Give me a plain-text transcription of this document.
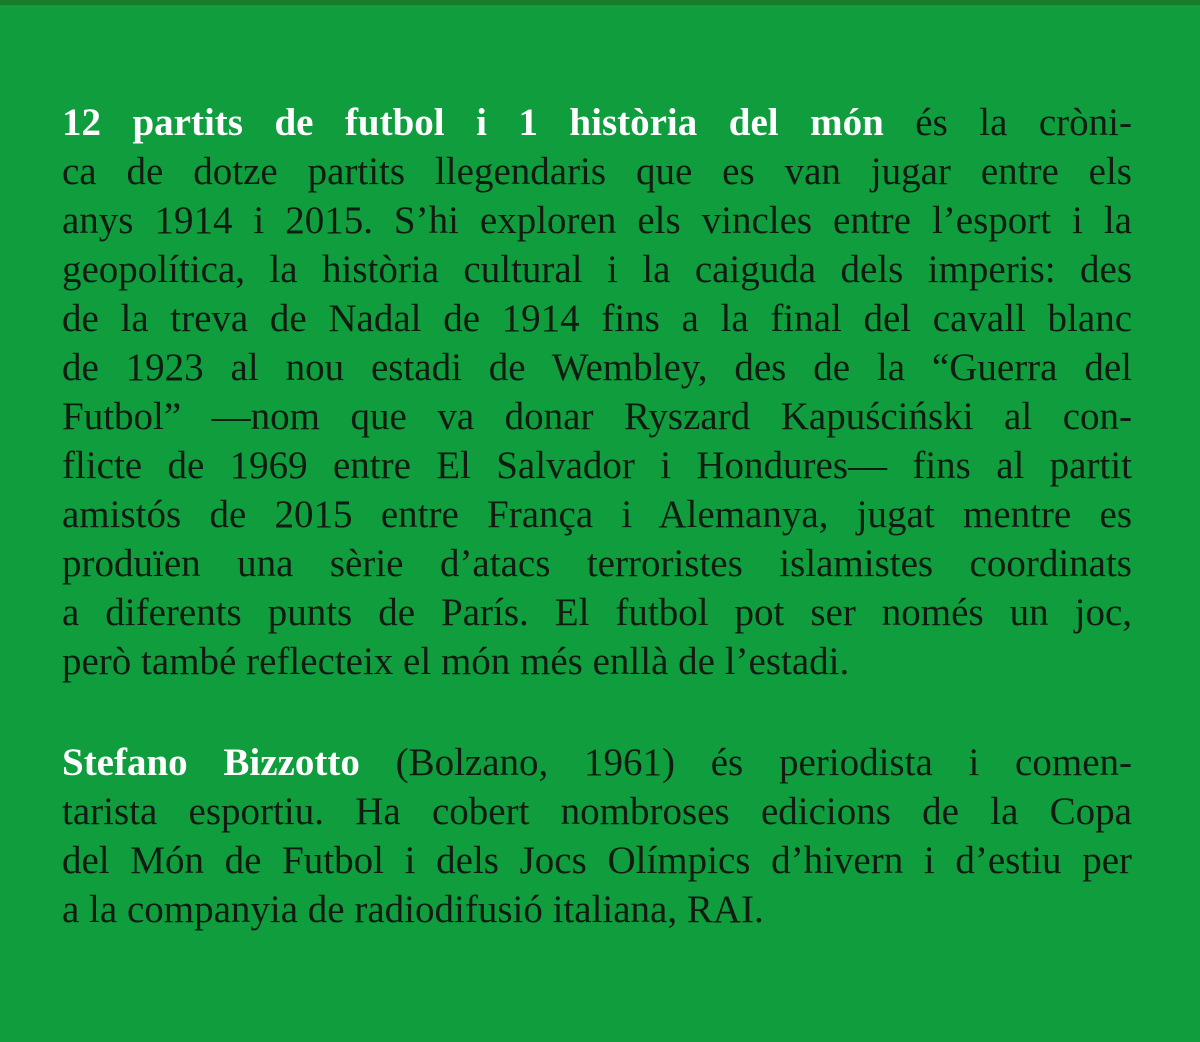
12 partits de futbol i 1 història del món és la cròni-
ca de dotze partits llegendaris que es van jugar entre els
anys 1914 i 2015. S’hi exploren els vincles entre l’esport i la
geopolítica, la història cultural i la caiguda dels imperis: des
de la treva de Nadal de 1914 fins a la final del cavall blanc
de 1923 al nou estadi de Wembley, des de la “Guerra del
Futbol” —nom que va donar Ryszard Kapuściński al con-
flicte de 1969 entre El Salvador i Hondures— fins al partit
amistós de 2015 entre França i Alemanya, jugat mentre es
produïen una sèrie d’atacs terroristes islamistes coordinats
a diferents punts de París. El futbol pot ser només un joc,
però també reflecteix el món més enllà de l’estadi.
Stefano Bizzotto (Bolzano, 1961) és periodista i comen-
tarista esportiu. Ha cobert nombroses edicions de la Copa
del Món de Futbol i dels Jocs Olímpics d’hivern i d’estiu per
a la companyia de radiodifusió italiana, RAI.
